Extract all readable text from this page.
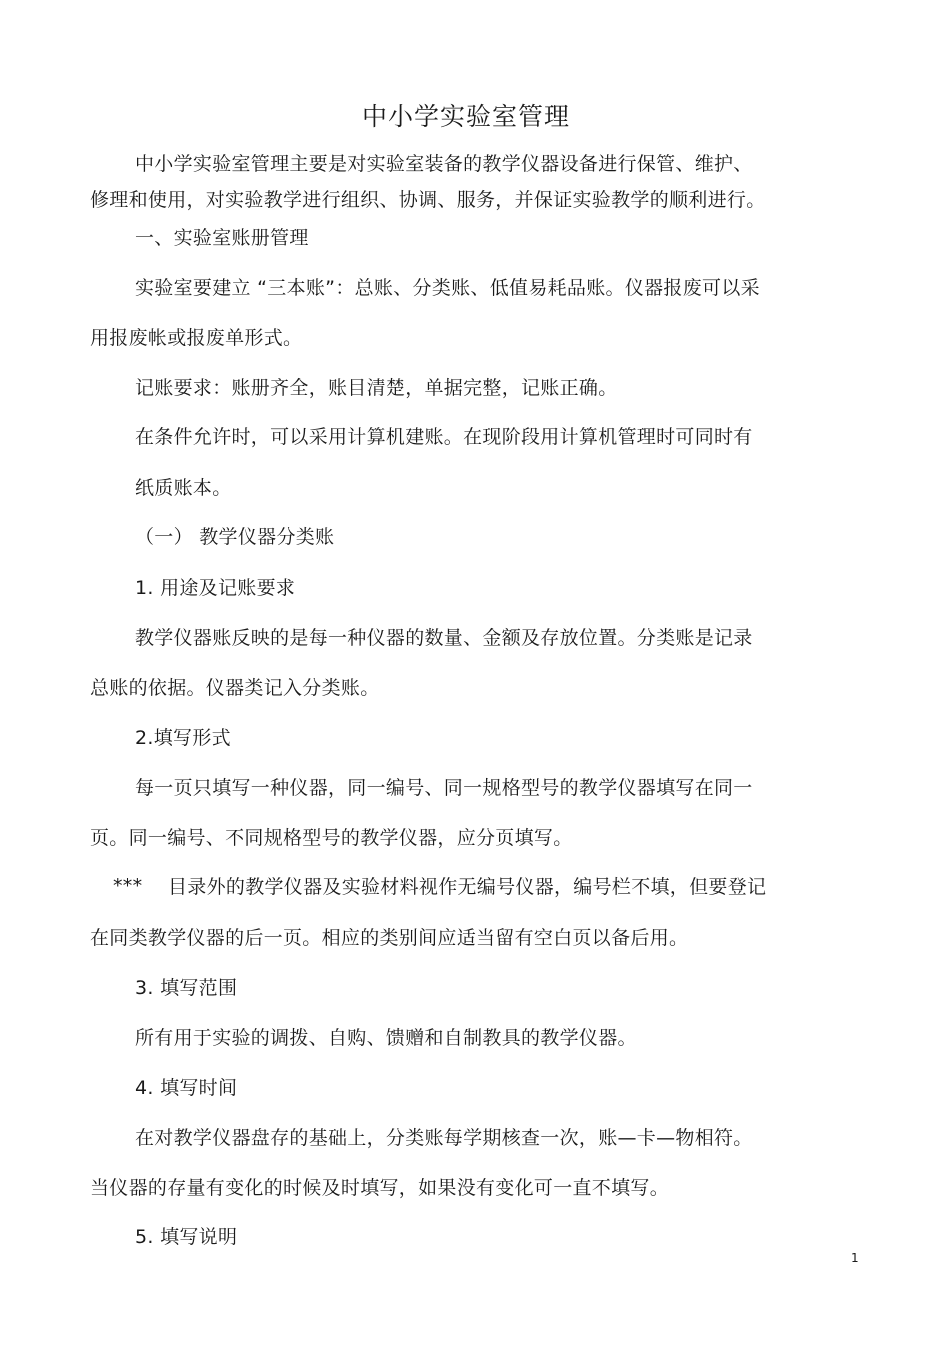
中小学实验室管理
中小学实验室管理主要是对实验室装备的教学仪器设备进行保管、维护、
修理和使用，对实验教学进行组织、协调、服务，并保证实验教学的顺利进行。
一、实验室账册管理
实验室要建立 “三本账”：总账、分类账、低值易耗品账。仪器报废可以采
用报废帐或报废单形式。
记账要求：账册齐全，账目清楚，单据完整，记账正确。
在条件允许时，可以采用计算机建账。在现阶段用计算机管理时可同时有
纸质账本。
（一） 教学仪器分类账
1. 用途及记账要求
教学仪器账反映的是每一种仪器的数量、金额及存放位置。分类账是记录
总账的依据。仪器类记入分类账。
2.填写形式
每一页只填写一种仪器，同一编号、同一规格型号的教学仪器填写在同一
页。同一编号、不同规格型号的教学仪器，应分页填写。
*** 目录外的教学仪器及实验材料视作无编号仪器，编号栏不填，但要登记
在同类教学仪器的后一页。相应的类别间应适当留有空白页以备后用。
3. 填写范围
所有用于实验的调拨、自购、馈赠和自制教具的教学仪器。
4. 填写时间
在对教学仪器盘存的基础上，分类账每学期核查一次，账—卡—物相符。
当仪器的存量有变化的时候及时填写，如果没有变化可一直不填写。
5. 填写说明
1
